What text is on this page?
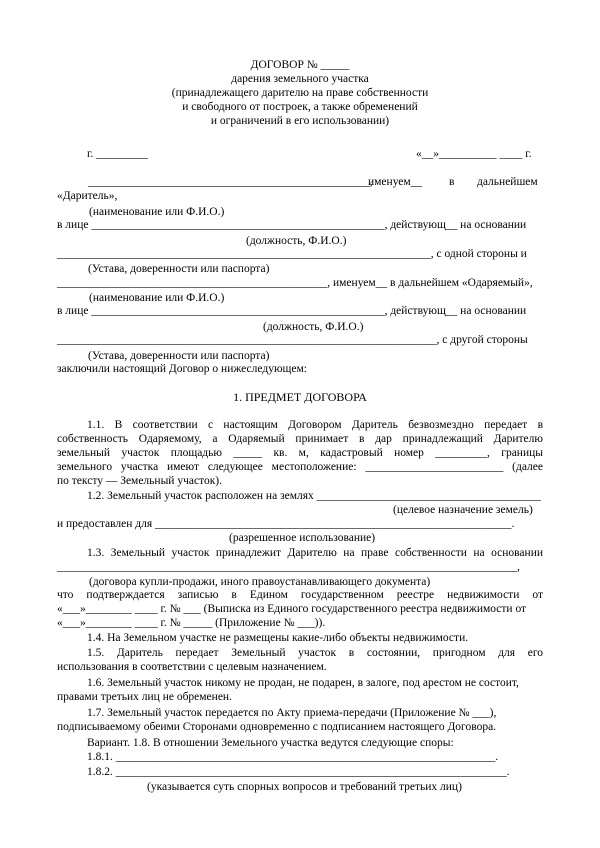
ДОГОВОР № _____
дарения земельного участка
(принадлежащего дарителю на праве собственности
и свободного от построек, а также обременений
и ограничений в его использовании)
г. _________	«__»__________ ____ г.
_________________________________________________,
именуем__ в дальнейшем
«Даритель»,
(наименование или Ф.И.О.)
в лице ___________________________________________________, действующ__ на основании
(должность, Ф.И.О.)
_________________________________________________________________, с одной стороны и
(Устава, доверенности или паспорта)
_______________________________________________, именуем__ в дальнейшем «Одаряемый»,
(наименование или Ф.И.О.)
в лице ___________________________________________________, действующ__ на основании
(должность, Ф.И.О.)
__________________________________________________________________, с другой стороны
(Устава, доверенности или паспорта)
заключили настоящий Договор о нижеследующем:
1. ПРЕДМЕТ ДОГОВОРА
1.1. В соответствии с настоящим Договором Даритель безвозмездно передает в
собственность Одаряемому, а Одаряемый принимает в дар принадлежащий Дарителю
земельный участок площадью _____ кв. м, кадастровый номер _________, границы
земельного участка имеют следующее местоположение: ________________________ (далее
по тексту — Земельный участок).
1.2. Земельный участок расположен на землях _______________________________________
(целевое назначение земель)
и предоставлен для ______________________________________________________________.
(разрешенное использование)
1.3. Земельный участок принадлежит Дарителю на праве собственности на основании
________________________________________________________________________________,
(договора купли-продажи, иного правоустанавливающего документа)
что подтверждается записью в Едином государственном реестре недвижимости от
«___»________ ____ г. № ___ (Выписка из Единого государственного реестра недвижимости от
«___»________ ____ г. № _____ (Приложение № ___)).
1.4. На Земельном участке не размещены какие-либо объекты недвижимости.
1.5. Даритель передает Земельный участок в состоянии, пригодном для его
использования в соответствии с целевым назначением.
1.6. Земельный участок никому не продан, не подарен, в залоге, под арестом не состоит,
правами третьих лиц не обременен.
1.7. Земельный участок передается по Акту приема-передачи (Приложение № ___),
подписываемому обеими Сторонами одновременно с подписанием настоящего Договора.
Вариант. 1.8. В отношении Земельного участка ведутся следующие споры:
1.8.1. __________________________________________________________________.
1.8.2. ____________________________________________________________________.
(указывается суть спорных вопросов и требований третьих лиц)
